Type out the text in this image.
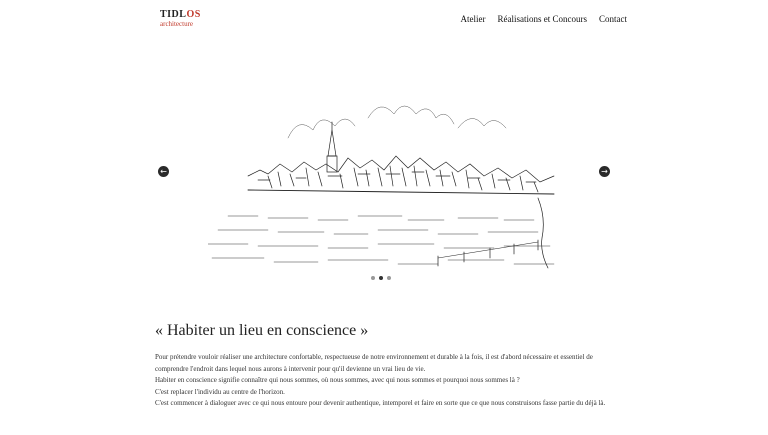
TIDLOS
architecture	Atelier Réalisations et Concours Contact
←	→
« Habiter un lieu en conscience »

Pour prétendre vouloir réaliser une architecture confortable, respectueuse de notre environnement et durable à la fois, il est d'abord nécessaire et essentiel de comprendre l'endroit dans lequel nous aurons à intervenir pour qu'il devienne un vrai lieu de vie.

Habiter en conscience signifie connaître qui nous sommes, où nous sommes, avec qui nous sommes et pourquoi nous sommes là ?

C'est replacer l'individu au centre de l'horizon.

C'est commencer à dialoguer avec ce qui nous entoure pour devenir authentique, intemporel et faire en sorte que ce que nous construisons fasse partie du déjà là.
